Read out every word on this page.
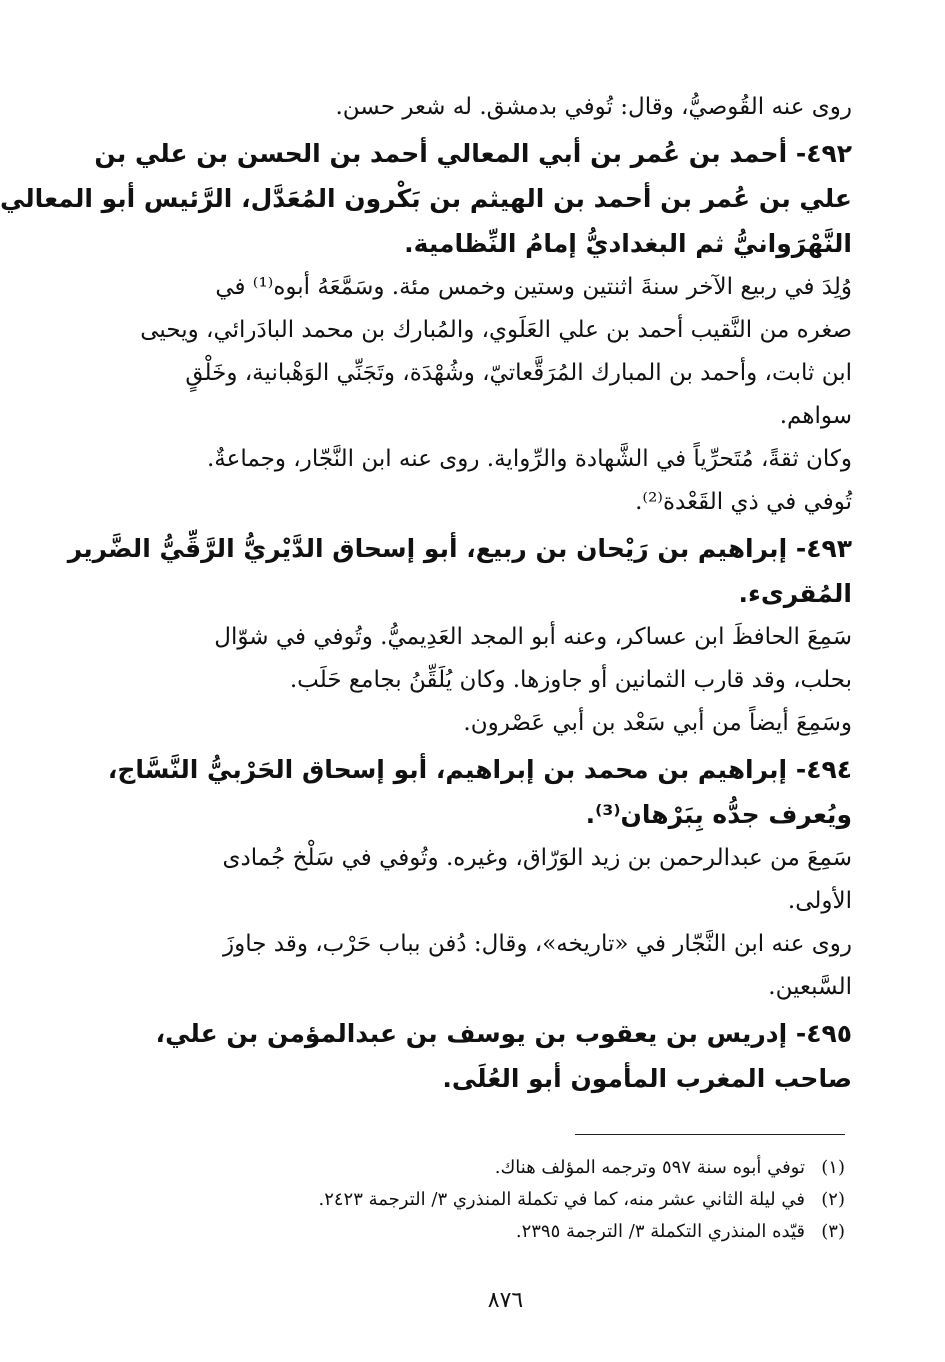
روى عنه القُوصيُّ، وقال: تُوفي بدمشق. له شعر حسن.

٤٩٢- أحمد بن عُمر بن أبي المعالي أحمد بن الحسن بن علي بن

علي بن عُمر بن أحمد بن الهيثم بن بَكْرون المُعَدَّل، الرَّئيس أبو المعالي

النَّهْرَوانيُّ ثم البغداديُّ إمامُ النِّظامية.

وُلِدَ في ربيع الآخر سنةَ اثنتين وستين وخمس مئة. وسَمَّعَهُ أبوه⁽¹⁾ في

صغره من النَّقيب أحمد بن علي العَلَوي، والمُبارك بن محمد البادَرائي، ويحيى

ابن ثابت، وأحمد بن المبارك المُرَقَّعاتيّ، وشُهْدَة، وتَجَنِّي الوَهْبانية، وخَلْقٍ

سواهم.

وكان ثقةً، مُتَحرِّياً في الشَّهادة والرِّواية. روى عنه ابن النَّجّار، وجماعةٌ.

تُوفي في ذي القَعْدة⁽²⁾.

٤٩٣- إبراهيم بن رَيْحان بن ربيع، أبو إسحاق الدَّيْريُّ الرَّقِّيُّ الضَّرير

المُقرىء.

سَمِعَ الحافظَ ابن عساكر، وعنه أبو المجد العَدِيميُّ. وتُوفي في شوّال

بحلب، وقد قارب الثمانين أو جاوزها. وكان يُلَقِّنُ بجامع حَلَب.

وسَمِعَ أيضاً من أبي سَعْد بن أبي عَصْرون.

٤٩٤- إبراهيم بن محمد بن إبراهيم، أبو إسحاق الحَرْبيُّ النَّسَّاج،

ويُعرف جدُّه بِبَرْهان⁽³⁾.

سَمِعَ من عبدالرحمن بن زيد الوَرّاق، وغيره. وتُوفي في سَلْخ جُمادى

الأولى.

روى عنه ابن النَّجّار في «تاريخه»، وقال: دُفن بباب حَرْب، وقد جاوزَ

السَّبعين.

٤٩٥- إدريس بن يعقوب بن يوسف بن عبدالمؤمن بن علي،

صاحب المغرب المأمون أبو العُلَى.

(١)توفي أبوه سنة ٥٩٧ وترجمه المؤلف هناك.
(٢)في ليلة الثاني عشر منه، كما في تكملة المنذري ٣/ الترجمة ٢٤٢٣.
(٣)قيّده المنذري التكملة ٣/ الترجمة ٢٣٩٥.
٨٧٦
